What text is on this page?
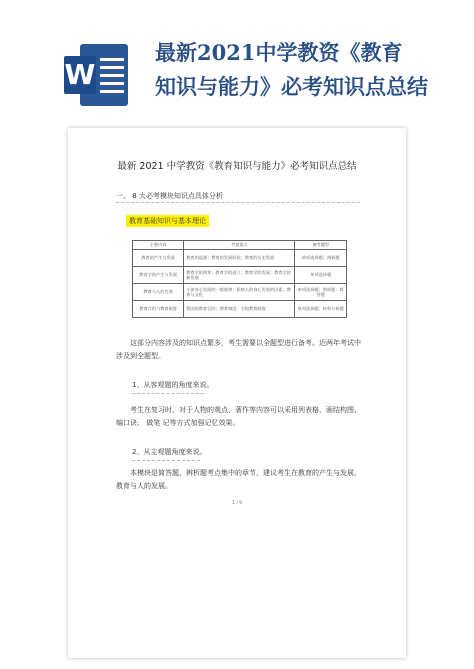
W
最新2021中学教资《教育
知识与能力》必考知识点总结
最新 2021 中学教资《教育知识与能力》必考知识点总结
一、 8 大必考模块知识点具体分析
教育基础知识与基本理论
主要内容	考查重点	备考题型
教育的产生与发展	教育的起源；教育的发展阶段；教育的历史发展	单项选择题；辨析题
教育学的产生与发展	教育学的萌芽；教育学的创立；教育学的发展；教育学的新发展	单项选择题
教育与人的发展	个体身心发展的一般规律；影响人的身心发展的因素；教育与文化	单项选择题；辨析题；简答题
教育目的与教育制度	我国的教育目的；教育制度；学校教育制度	单项选择题；材料分析题
这部分内容涉及的知识点繁多，考生需要以全题型进行备考。近两年考试中涉及到全题型。
1、从客观题的角度来说。
考生在复习时，对于人物的观点、著作等内容可以采用列表格、画结构图、编口诀、 做笔 记等方式加强记忆效果。
2、从主观题角度来说。
本模块是简答题、辨析题考点集中的章节，建议考生在教育的产生与发展、教育与人的发展。
1 / 9
